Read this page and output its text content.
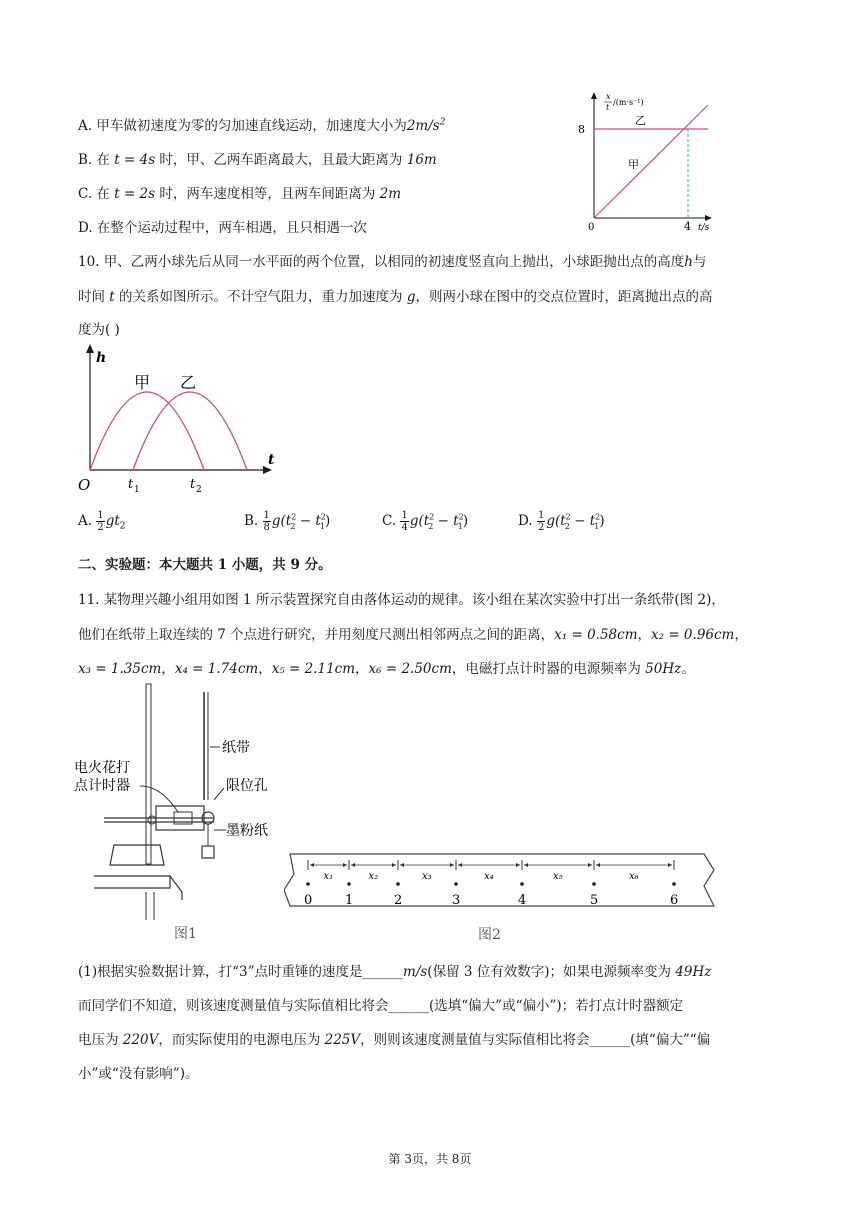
A. 甲车做初速度为零的匀加速直线运动，加速度大小为$2m/s^2$
B. 在 t = 4s 时，甲、乙两车距离最大，且最大距离为 16m
C. 在 t = 2s 时，两车速度相等，且两车间距离为 2m
D. 在整个运动过程中，两车相遇，且只相遇一次
x
t
/(m·s⁻¹)
8
4
0	t/s
乙
甲
10. 甲、乙两小球先后从同一水平面的两个位置，以相同的初速度竖直向上抛出，小球距抛出点的高度h与
时间 t 的关系如图所示。不计空气阻力，重力加速度为 g，则两小球在图中的交点位置时，距离抛出点的高
度为( )
h
t
O	t 1	t 2
甲 乙
A. $\frac{1}{2} gt_2$	B. $\frac{1}{8} g(t^2_2 - t^2_1)$	C. $\frac{1}{4} g(t^2_2 - t^2_1)$	D. $\frac{1}{2} g(t^2_2 - t^2_1)$
二、实验题：本大题共 1 小题，共 9 分。
11. 某物理兴趣小组用如图 1 所示装置探究自由落体运动的规律。该小组在某次实验中打出一条纸带(图 2)，
他们在纸带上取连续的 7 个点进行研究，并用刻度尺测出相邻两点之间的距离，x₁ = 0.58cm，x₂ = 0.96cm，
x₃ = 1.35cm，x₄ = 1.74cm，x₅ = 2.11cm，x₆ = 2.50cm，电磁打点计时器的电源频率为 50Hz。
纸带
电火花打
点计时器	限位孔
墨粉纸
图1
0
x₁
1
x₂
2
x₃
3
x₄
4
x₅
5
x₆
6
图2
(1)根据实验数据计算，打“3”点时重锤的速度是______m/s(保留 3 位有效数字)；如果电源频率变为 49Hz
而同学们不知道，则该速度测量值与实际值相比将会______(选填“偏大”或“偏小”)；若打点计时器额定
电压为 220V，而实际使用的电源电压为 225V，则则该速度测量值与实际值相比将会______(填“偏大”“偏
小”或“没有影响”)。
第 3页，共 8页
